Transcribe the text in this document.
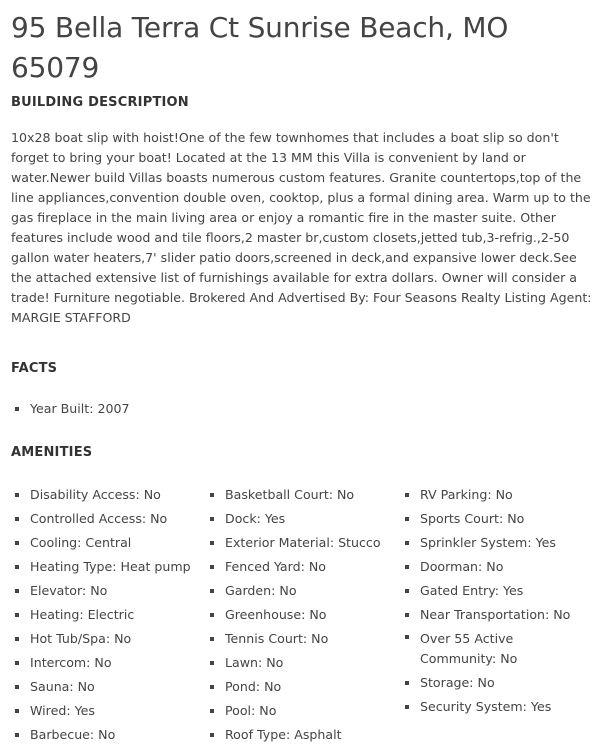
95 Bella Terra Ct Sunrise Beach, MO 65079
BUILDING DESCRIPTION

10x28 boat slip with hoist!One of the few townhomes that includes a boat slip so don't forget to bring your boat! Located at the 13 MM this Villa is convenient by land or water.Newer build Villas boasts numerous custom features. Granite countertops,top of the line appliances,convention double oven, cooktop, plus a formal dining area. Warm up to the gas fireplace in the main living area or enjoy a romantic fire in the master suite. Other features include wood and tile floors,2 master br,custom closets,jetted tub,3-refrig.,2-50 gallon water heaters,7' slider patio doors,screened in deck,and expansive lower deck.See the attached extensive list of furnishings available for extra dollars. Owner will consider a trade! Furniture negotiable. Brokered And Advertised By: Four Seasons Realty Listing Agent: MARGIE STAFFORD

FACTS
Year Built: 2007
AMENITIES
Disability Access: No
Controlled Access: No
Cooling: Central
Heating Type: Heat pump
Elevator: No
Heating: Electric
Hot Tub/Spa: No
Intercom: No
Sauna: No
Wired: Yes
Barbecue: No
Basketball Court: No
Dock: Yes
Exterior Material: Stucco
Fenced Yard: No
Garden: No
Greenhouse: No
Tennis Court: No
Lawn: No
Pond: No
Pool: No
Roof Type: Asphalt
RV Parking: No
Sports Court: No
Sprinkler System: Yes
Doorman: No
Gated Entry: Yes
Near Transportation: No
Over 55 Active Community: No
Storage: No
Security System: Yes
